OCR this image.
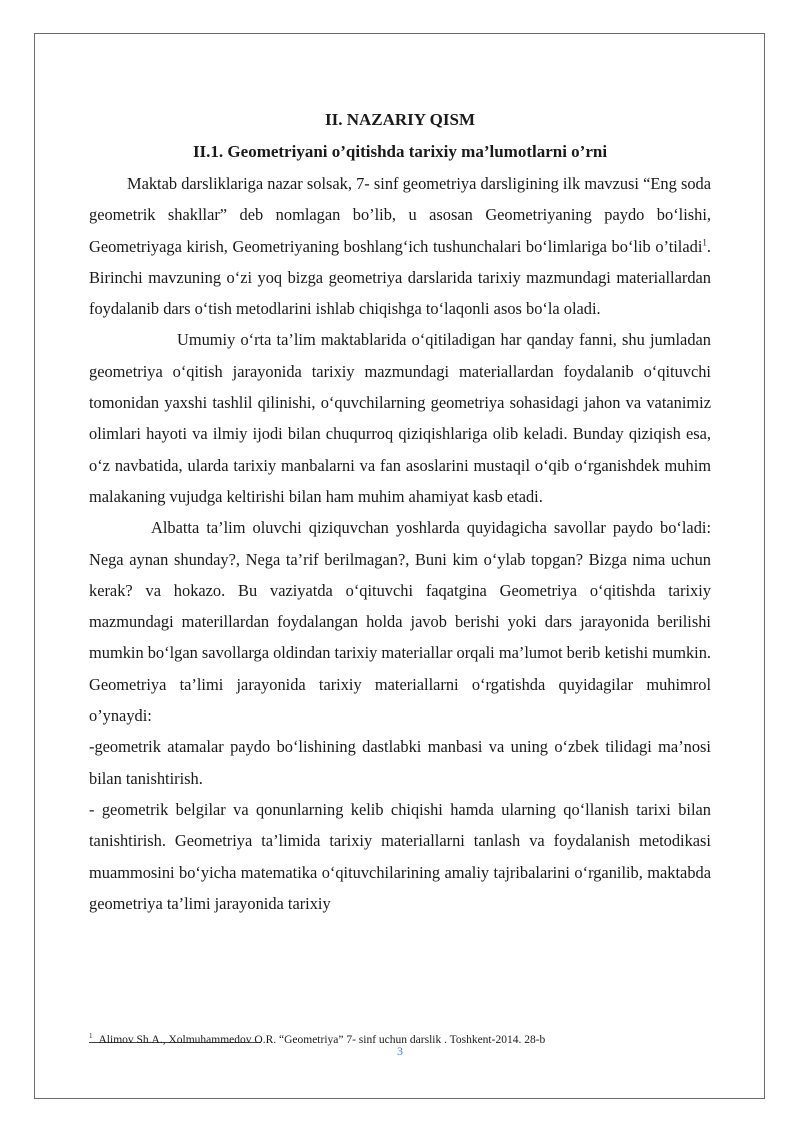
II. NAZARIY QISM
II.1. Geometriyani o’qitishda tarixiy ma’lumotlarni o’rni

Maktab darsliklariga nazar solsak, 7- sinf geometriya darsligining ilk mavzusi “Eng soda geometrik shakllar” deb nomlagan bo’lib, u asosan Geometriyaning paydo bo‘lishi, Geometriyaga kirish, Geometriyaning boshlang‘ich tushunchalari bo‘limlariga bo‘lib o’tiladi$^1$. Birinchi mavzuning o‘zi yoq bizga geometriya darslarida tarixiy mazmundagi materiallardan foydalanib dars o‘tish metodlarini ishlab chiqishga to‘laqonli asos bo‘la oladi.

Umumiy o‘rta ta’lim maktablarida o‘qitiladigan har qanday fanni, shu jumladan geometriya o‘qitish jarayonida tarixiy mazmundagi materiallardan foydalanib o‘qituvchi tomonidan yaxshi tashlil qilinishi, o‘quvchilarning geometriya sohasidagi jahon va vatanimiz olimlari hayoti va ilmiy ijodi bilan chuqurroq qiziqishlariga olib keladi. Bunday qiziqish esa, o‘z navbatida, ularda tarixiy manbalarni va fan asoslarini mustaqil o‘qib o‘rganishdek muhim malakaning vujudga keltirishi bilan ham muhim ahamiyat kasb etadi.

Albatta ta’lim oluvchi qiziquvchan yoshlarda quyidagicha savollar paydo bo‘ladi: Nega aynan shunday?, Nega ta’rif berilmagan?, Buni kim o‘ylab topgan? Bizga nima uchun kerak? va hokazo. Bu vaziyatda o‘qituvchi faqatgina Geometriya o‘qitishda tarixiy mazmundagi materillardan foydalangan holda javob berishi yoki dars jarayonida berilishi mumkin bo‘lgan savollarga oldindan tarixiy materiallar orqali ma’lumot berib ketishi mumkin. Geometriya ta’limi jarayonida tarixiy materiallarni o‘rgatishda quyidagilar muhimrol o’ynaydi:

-geometrik atamalar paydo bo‘lishining dastlabki manbasi va uning o‘zbek tilidagi ma’nosi bilan tanishtirish.

- geometrik belgilar va qonunlarning kelib chiqishi hamda ularning qo‘llanish tarixi bilan tanishtirish. Geometriya ta’limida tarixiy materiallarni tanlash va foydalanish metodikasi muammosini bo‘yicha matematika o‘qituvchilarining amaliy tajribalarini o‘rganilib, maktabda geometriya ta’limi jarayonida tarixiy

$^1$ Alimov Sh.A., Xolmuhammedov O.R. “Geometriya” 7- sinf uchun darslik . Toshkent-2014. 28-b
3
